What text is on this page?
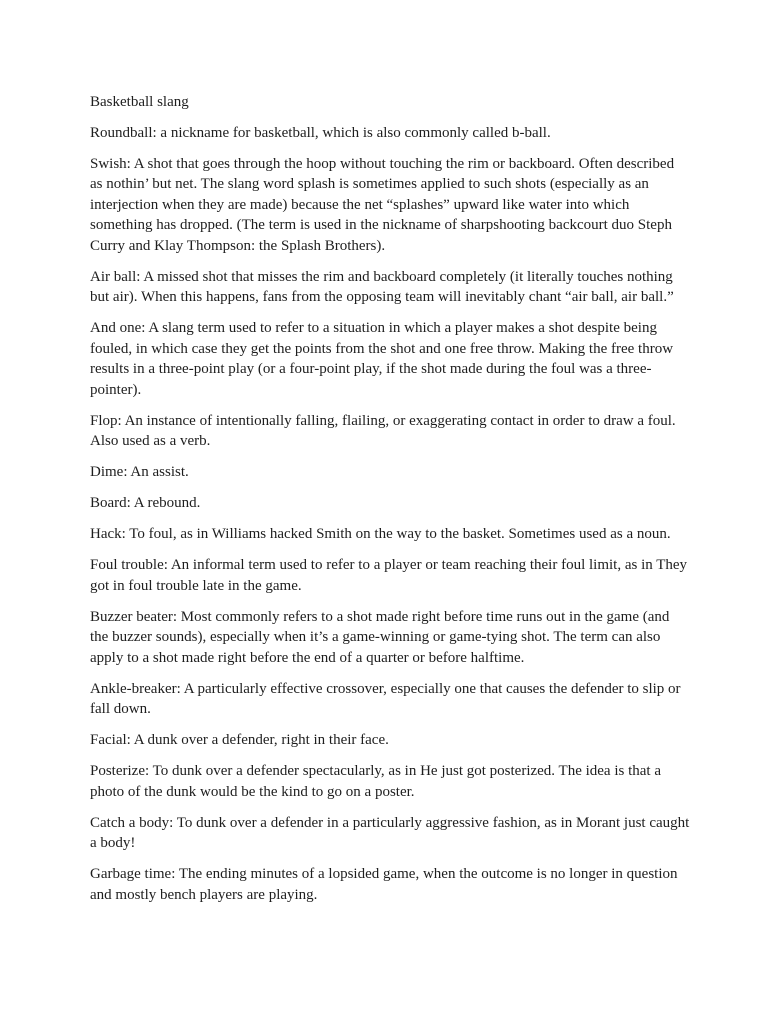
Basketball slang

Roundball: a nickname for basketball, which is also commonly called b-ball.

Swish: A shot that goes through the hoop without touching the rim or backboard. Often described as nothin’ but net. The slang word splash is sometimes applied to such shots (especially as an interjection when they are made) because the net “splashes” upward like water into which something has dropped. (The term is used in the nickname of sharpshooting backcourt duo Steph Curry and Klay Thompson: the Splash Brothers).

Air ball: A missed shot that misses the rim and backboard completely (it literally touches nothing but air). When this happens, fans from the opposing team will inevitably chant “air ball, air ball.”

And one: A slang term used to refer to a situation in which a player makes a shot despite being fouled, in which case they get the points from the shot and one free throw. Making the free throw results in a three-point play (or a four-point play, if the shot made during the foul was a three-pointer).

Flop: An instance of intentionally falling, flailing, or exaggerating contact in order to draw a foul. Also used as a verb.

Dime: An assist.

Board: A rebound.

Hack: To foul, as in Williams hacked Smith on the way to the basket. Sometimes used as a noun.

Foul trouble: An informal term used to refer to a player or team reaching their foul limit, as in They got in foul trouble late in the game.

Buzzer beater: Most commonly refers to a shot made right before time runs out in the game (and the buzzer sounds), especially when it’s a game-winning or game-tying shot. The term can also apply to a shot made right before the end of a quarter or before halftime.

Ankle-breaker: A particularly effective crossover, especially one that causes the defender to slip or fall down.

Facial: A dunk over a defender, right in their face.

Posterize: To dunk over a defender spectacularly, as in He just got posterized. The idea is that a photo of the dunk would be the kind to go on a poster.

Catch a body: To dunk over a defender in a particularly aggressive fashion, as in Morant just caught a body!

Garbage time: The ending minutes of a lopsided game, when the outcome is no longer in question and mostly bench players are playing.
